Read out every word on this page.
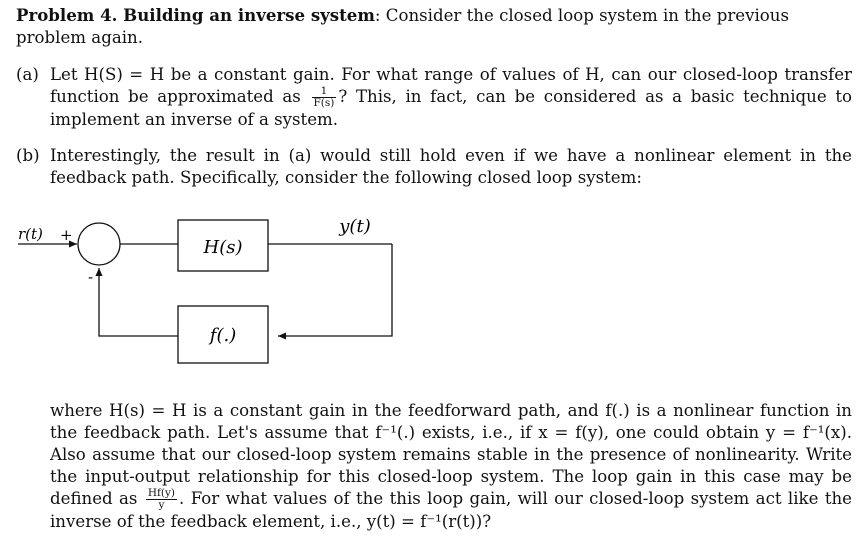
Problem 4. Building an inverse system: Consider the closed loop system in the previous problem again.
(a) Let H(S) = H be a constant gain. For what range of values of H, can our closed-loop transfer function be approximated as $\frac{1}{F(s)}$ ? This, in fact, can be considered as a basic technique to implement an inverse of a system.
(b) Interestingly, the result in (a) would still hold even if we have a nonlinear element in the feedback path. Specifically, consider the following closed loop system:
r(t) +
-
H(s)
y(t)
f(.)
where H(s) = H is a constant gain in the feedforward path, and f(.) is a nonlinear function in the feedback path. Let's assume that f⁻¹(.) exists, i.e., if x = f(y), one could obtain y = f⁻¹(x). Also assume that our closed-loop system remains stable in the presence of nonlinearity. Write the input-output relationship for this closed-loop system. The loop gain in this case may be defined as $\frac{Hf(y)}{y}$ . For what values of the this loop gain, will our closed-loop system act like the inverse of the feedback element, i.e., y(t) = f⁻¹(r(t))?
